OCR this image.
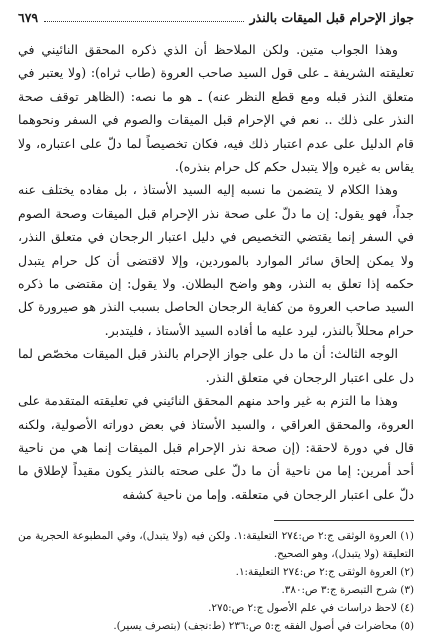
جواز الإحرام قبل الميقات بالنذر
٦٧٩

وهذا الجواب متين. ولكن الملاحظ أن الذي ذكره المحقق النائيني في تعليقته الشريفة ـ على قول السيد صاحب العروة (طاب ثراه): (ولا يعتبر في متعلق النذر قبله ومع قطع النظر عنه) ـ هو ما نصه: (الظاهر توقف صحة النذر على ذلك .. نعم في الإحرام قبل الميقات والصوم في السفر ونحوهما قام الدليل على عدم اعتبار ذلك فيه، فكان تخصيصاً لما دلّ على اعتباره، ولا يقاس به غيره وإلا يتبدل حكم كل حرام بنذره).

وهذا الكلام لا يتضمن ما نسبه إليه السيد الأستاذ ، بل مفاده يختلف عنه جداً، فهو يقول: إن ما دلّ على صحة نذر الإحرام قبل الميقات وصحة الصوم في السفر إنما يقتضي التخصيص في دليل اعتبار الرجحان في متعلق النذر، ولا يمكن إلحاق سائر الموارد بالموردين، وإلا لاقتضى أن كل حرام يتبدل حكمه إذا تعلق به النذر، وهو واضح البطلان. ولا يقول: إن مقتضى ما ذكره السيد صاحب العروة من كفاية الرجحان الحاصل بسبب النذر هو صيرورة كل حرام محللاً بالنذر، ليرد عليه ما أفاده السيد الأستاذ ، فليتدبر.

الوجه الثالث: أن ما دل على جواز الإحرام بالنذر قبل الميقات مخصّص لما دل على اعتبار الرجحان في متعلق النذر.

وهذا ما التزم به غير واحد منهم المحقق النائيني في تعليقته المتقدمة على العروة، والمحقق العراقي ، والسيد الأستاذ في بعض دوراته الأصولية، ولكنه قال في دورة لاحقة: (إن صحة نذر الإحرام قبل الميقات إنما هي من ناحية أحد أمرين: إما من ناحية أن ما دلّ على صحته بالنذر يكون مقيداً لإطلاق ما دلّ على اعتبار الرجحان في متعلقه. وإما من ناحية كشفه

(١) العروة الوثقى ج:٢ ص:٢٧٤ التعليقة:١. ولكن فيه (ولا يتبدل)، وفي المطبوعة الحجرية من التعليقة (ولا يتبدل)، وهو الصحيح.

(٢) العروة الوثقى ج:٢ ص:٢٧٤ التعليقة:١.

(٣) شرح التبصرة ج:٣ ص:٣٨٠.

(٤) لاحظ دراسات في علم الأصول ج:٢ ص:٢٧٥.

(٥) محاضرات في أصول الفقه ج:٥ ص:٢٣٦ (ط:نجف) (بتصرف يسير).
